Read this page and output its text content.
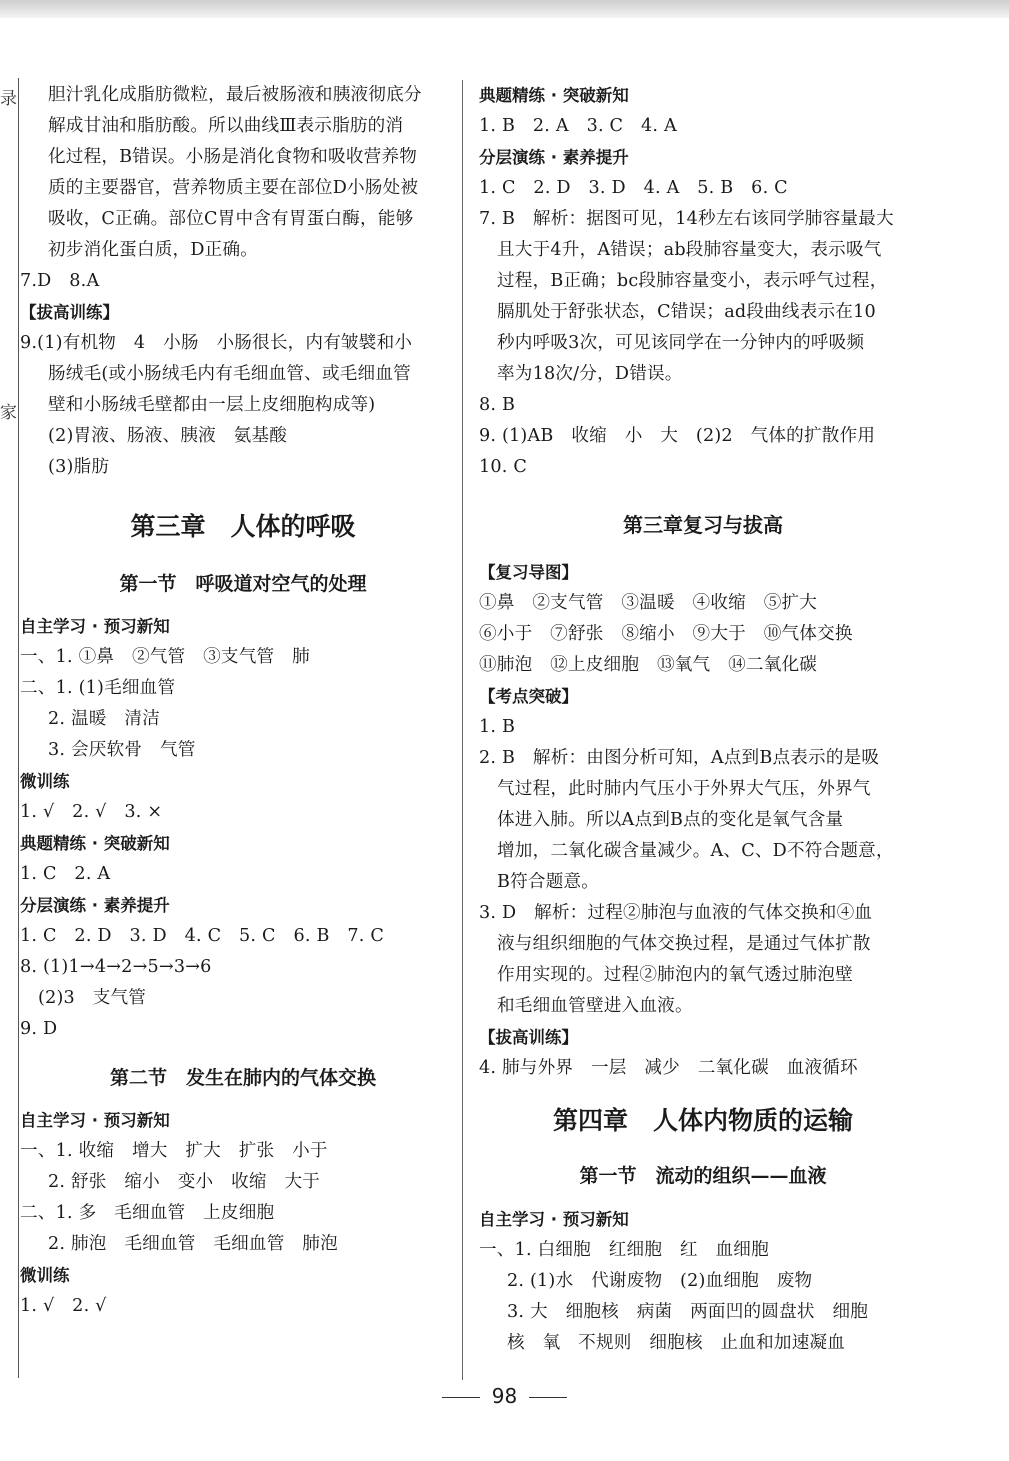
录
家
胆汁乳化成脂肪微粒，最后被肠液和胰液彻底分
解成甘油和脂肪酸。所以曲线Ⅲ表示脂肪的消
化过程，B错误。小肠是消化食物和吸收营养物
质的主要器官，营养物质主要在部位D小肠处被
吸收，C正确。部位C胃中含有胃蛋白酶，能够
初步消化蛋白质，D正确。
7.D　8.A
【拔高训练】
9.(1)有机物　4　小肠　小肠很长，内有皱襞和小
肠绒毛(或小肠绒毛内有毛细血管、或毛细血管
壁和小肠绒毛壁都由一层上皮细胞构成等)
(2)胃液、肠液、胰液　氨基酸
(3)脂肪
第三章　人体的呼吸
第一节　呼吸道对空气的处理
自主学习 · 预习新知
一、1. ①鼻　②气管　③支气管　肺
二、1. (1)毛细血管
2. 温暖　清洁
3. 会厌软骨　气管
微训练
1. √　2. √　3. ×
典题精练 · 突破新知
1. C　2. A
分层演练 · 素养提升
1. C　2. D　3. D　4. C　5. C　6. B　7. C
8. (1)1→4→2→5→3→6
(2)3　支气管
9. D
第二节　发生在肺内的气体交换
自主学习 · 预习新知
一、1. 收缩　增大　扩大　扩张　小于
2. 舒张　缩小　变小　收缩　大于
二、1. 多　毛细血管　上皮细胞
2. 肺泡　毛细血管　毛细血管　肺泡
微训练
1. √　2. √
典题精练 · 突破新知
1. B　2. A　3. C　4. A
分层演练 · 素养提升
1. C　2. D　3. D　4. A　5. B　6. C
7. B　解析：据图可见，14秒左右该同学肺容量最大
且大于4升，A错误；ab段肺容量变大，表示吸气
过程，B正确；bc段肺容量变小，表示呼气过程，
膈肌处于舒张状态，C错误；ad段曲线表示在10
秒内呼吸3次，可见该同学在一分钟内的呼吸频
率为18次/分，D错误。
8. B
9. (1)AB　收缩　小　大　(2)2　气体的扩散作用
10. C
第三章复习与拔高
【复习导图】
①鼻　②支气管　③温暖　④收缩　⑤扩大
⑥小于　⑦舒张　⑧缩小　⑨大于　⑩气体交换
⑪肺泡　⑫上皮细胞　⑬氧气　⑭二氧化碳
【考点突破】
1. B
2. B　解析：由图分析可知，A点到B点表示的是吸
气过程，此时肺内气压小于外界大气压，外界气
体进入肺。所以A点到B点的变化是氧气含量
增加，二氧化碳含量减少。A、C、D不符合题意，
B符合题意。
3. D　解析：过程②肺泡与血液的气体交换和④血
液与组织细胞的气体交换过程，是通过气体扩散
作用实现的。过程②肺泡内的氧气透过肺泡壁
和毛细血管壁进入血液。
【拔高训练】
4. 肺与外界　一层　减少　二氧化碳　血液循环
第四章　人体内物质的运输
第一节　流动的组织——血液
自主学习 · 预习新知
一、1. 白细胞　红细胞　红　血细胞
2. (1)水　代谢废物　(2)血细胞　废物
3. 大　细胞核　病菌　两面凹的圆盘状　细胞
核　氧　不规则　细胞核　止血和加速凝血
98
